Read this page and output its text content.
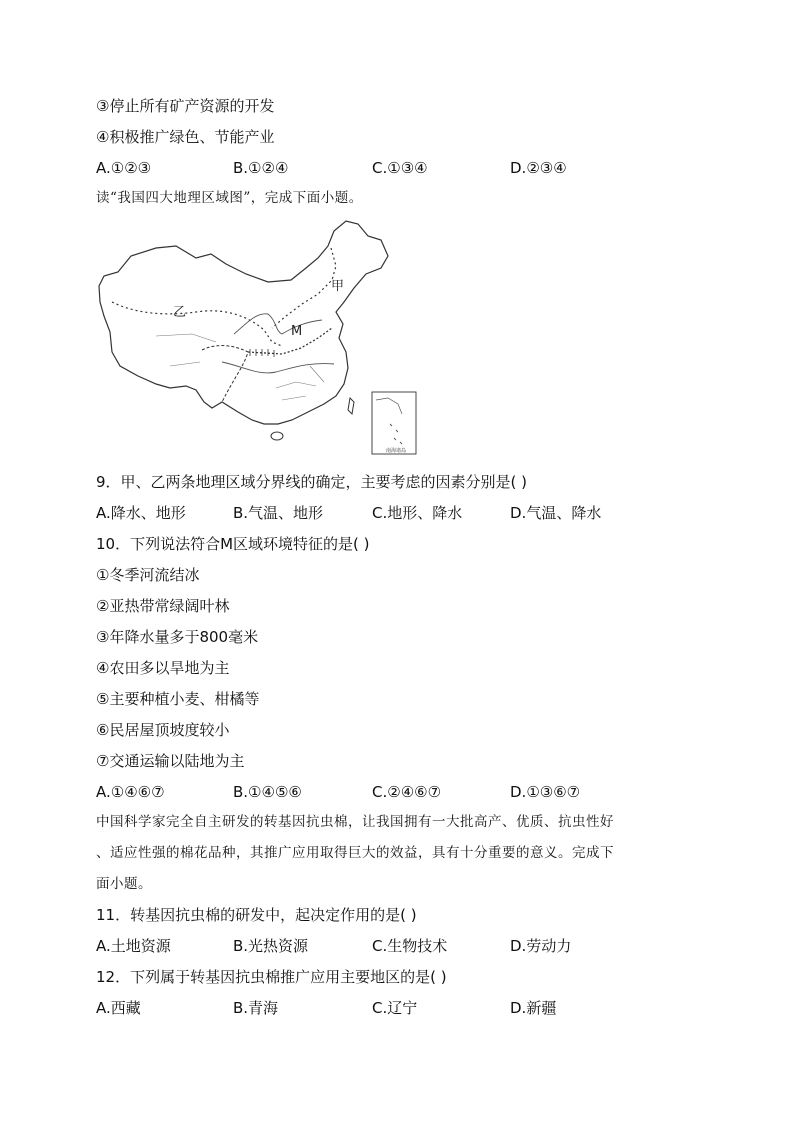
③停止所有矿产资源的开发
④积极推广绿色、节能产业
A.①②③	B.①②④	C.①③④	D.②③④
读“我国四大地理区域图”，完成下面小题。
甲
乙
M
南海诸岛
9．甲、乙两条地理区域分界线的确定，主要考虑的因素分别是( )
A.降水、地形	B.气温、地形	C.地形、降水	D.气温、降水
10．下列说法符合M区域环境特征的是( )
①冬季河流结冰
②亚热带常绿阔叶林
③年降水量多于800毫米
④农田多以旱地为主
⑤主要种植小麦、柑橘等
⑥民居屋顶坡度较小
⑦交通运输以陆地为主
A.①④⑥⑦	B.①④⑤⑥	C.②④⑥⑦	D.①③⑥⑦
中国科学家完全自主研发的转基因抗虫棉，让我国拥有一大批高产、优质、抗虫性好
、适应性强的棉花品种，其推广应用取得巨大的效益，具有十分重要的意义。完成下
面小题。
11．转基因抗虫棉的研发中，起决定作用的是( )
A.土地资源	B.光热资源	C.生物技术	D.劳动力
12．下列属于转基因抗虫棉推广应用主要地区的是( )
A.西藏	B.青海	C.辽宁	D.新疆
